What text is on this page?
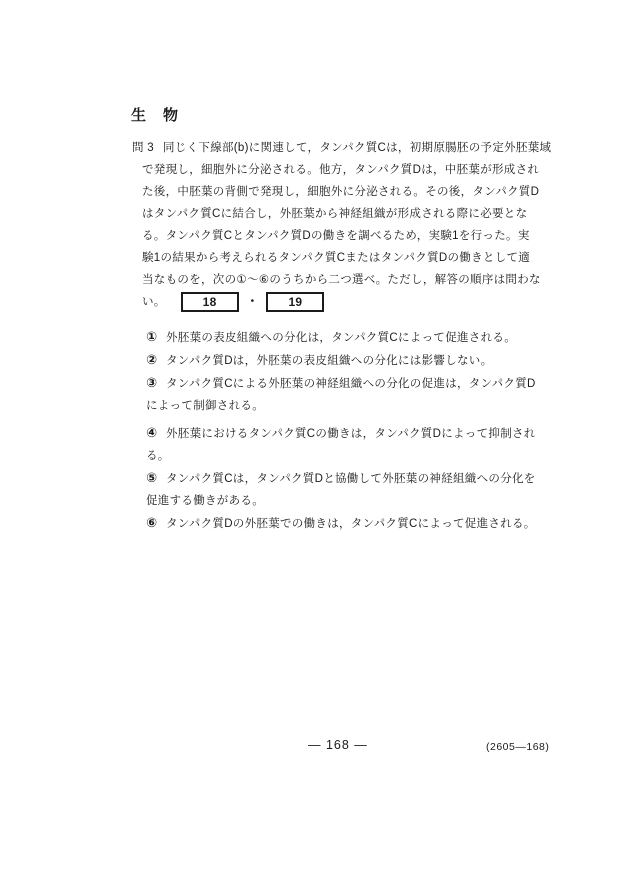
生　物
問 3 同じく下線部(b)に関連して，タンパク質Cは，初期原腸胚の予定外胚葉域
で発現し，細胞外に分泌される。他方，タンパク質Dは，中胚葉が形成され
た後，中胚葉の背側で発現し，細胞外に分泌される。その後，タンパク質D
はタンパク質Cに結合し，外胚葉から神経組織が形成される際に必要とな
る。タンパク質Cとタンパク質Dの働きを調べるため，実験1を行った。実
験1の結果から考えられるタンパク質Cまたはタンパク質Dの働きとして適
当なものを，次の①～⑥のうちから二つ選べ。ただし，解答の順序は問わな
い。	18	・	19
① 外胚葉の表皮組織への分化は，タンパク質Cによって促進される。
② タンパク質Dは，外胚葉の表皮組織への分化には影響しない。
③ タンパク質Cによる外胚葉の神経組織への分化の促進は，タンパク質D
によって制御される。
④ 外胚葉におけるタンパク質Cの働きは，タンパク質Dによって抑制され
る。
⑤ タンパク質Cは，タンパク質Dと協働して外胚葉の神経組織への分化を
促進する働きがある。
⑥ タンパク質Dの外胚葉での働きは，タンパク質Cによって促進される。
— 168 —	(2605—168)
